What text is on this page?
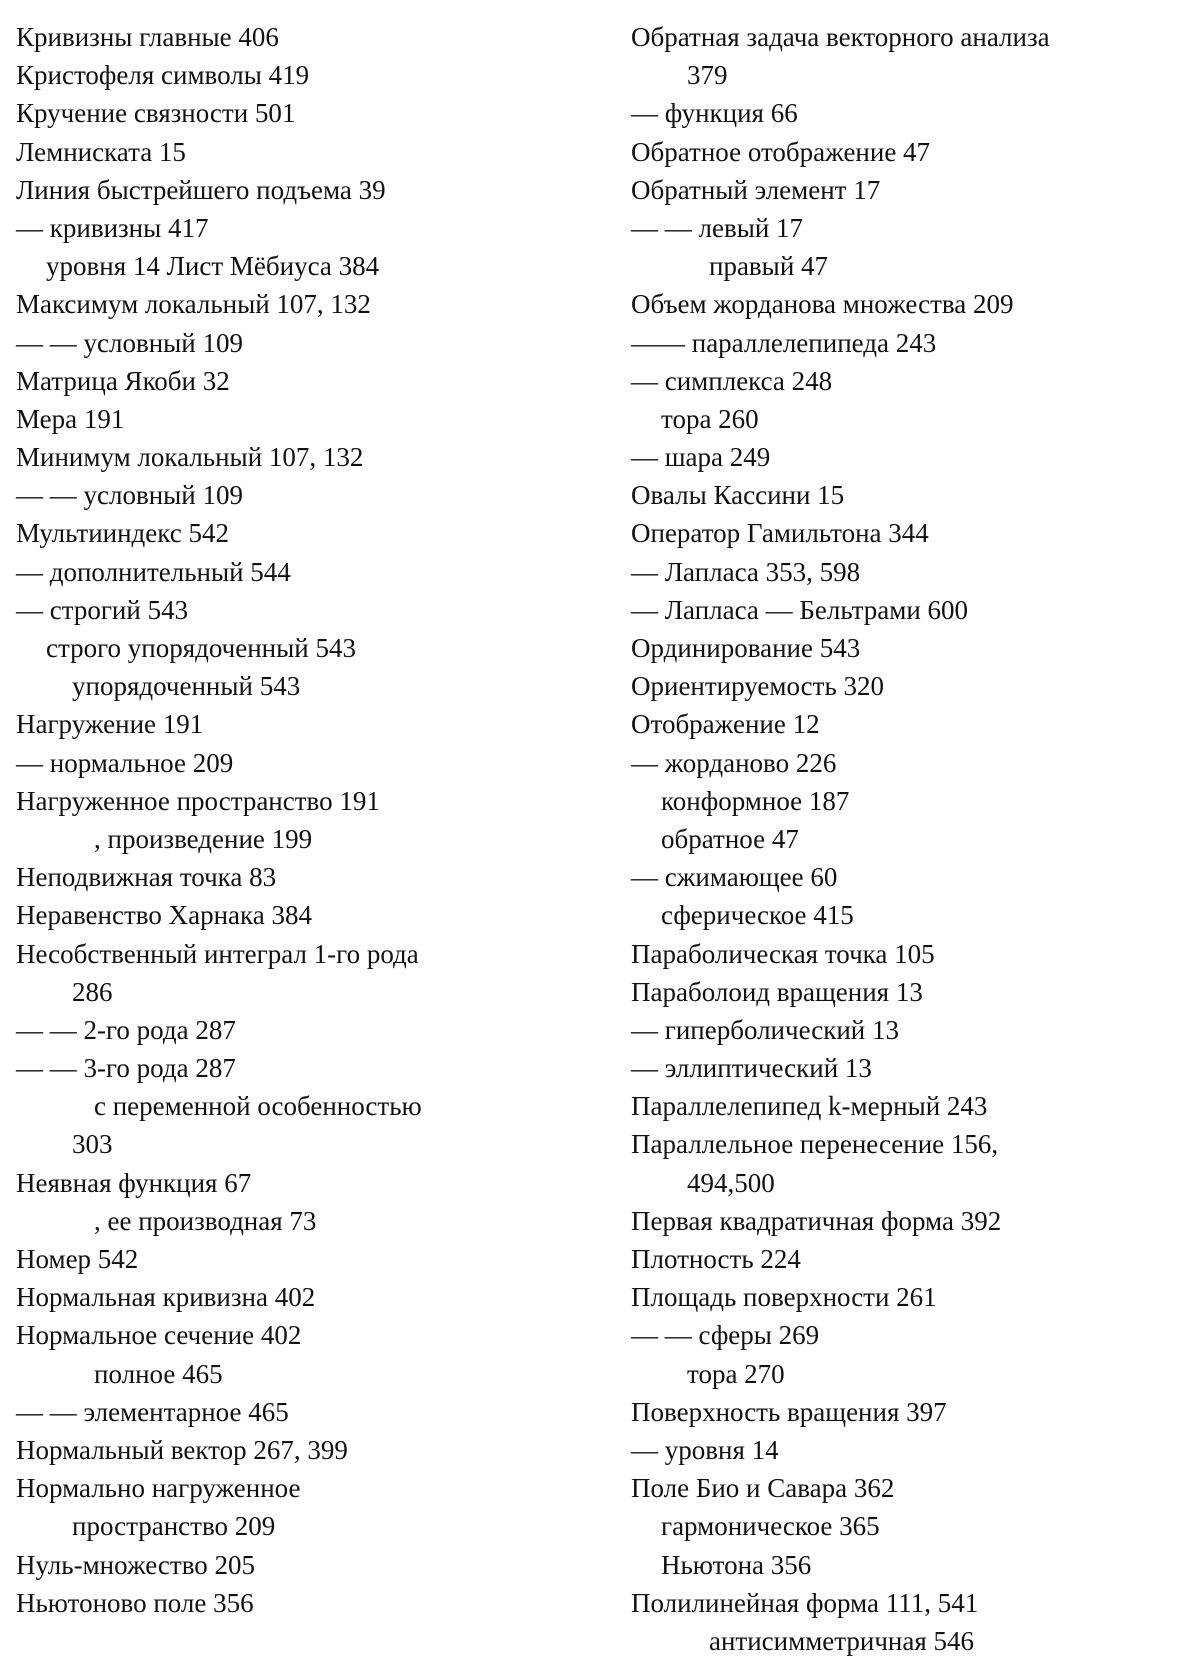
Кривизны главные 406
Кристофеля символы 419
Кручение связности 501
Лемниската 15
Линия быстрейшего подъема 39
— кривизны 417
уровня 14 Лист Мёбиуса 384
Максимум локальный 107, 132
— — условный 109
Матрица Якоби 32
Мера 191
Минимум локальный 107, 132
— — условный 109
Мультииндекс 542
— дополнительный 544
— строгий 543
строго упорядоченный 543
упорядоченный 543
Нагружение 191
— нормальное 209
Нагруженное пространство 191
, произведение 199
Неподвижная точка 83
Неравенство Харнака 384
Несобственный интеграл 1-го рода
286
— — 2-го рода 287
— — 3-го рода 287
с переменной особенностью
303
Неявная функция 67
, ее производная 73
Номер 542
Нормальная кривизна 402
Нормальное сечение 402
полное 465
— — элементарное 465
Нормальный вектор 267, 399
Нормально нагруженное
пространство 209
Нуль-множество 205
Ньютоново поле 356
Обратная задача векторного анализа
379
— функция 66
Обратное отображение 47
Обратный элемент 17
— — левый 17
правый 47
Объем жорданова множества 209
—— параллелепипеда 243
— симплекса 248
тора 260
— шара 249
Овалы Кассини 15
Оператор Гамильтона 344
— Лапласа 353, 598
— Лапласа — Бельтрами 600
Ординирование 543
Ориентируемость 320
Отображение 12
— жорданово 226
конформное 187
обратное 47
— сжимающее 60
сферическое 415
Параболическая точка 105
Параболоид вращения 13
— гиперболический 13
— эллиптический 13
Параллелепипед k-мерный 243
Параллельное перенесение 156,
494,500
Первая квадратичная форма 392
Плотность 224
Площадь поверхности 261
— — сферы 269
тора 270
Поверхность вращения 397
— уровня 14
Поле Био и Савара 362
гармоническое 365
Ньютона 356
Полилинейная форма 111, 541
антисимметричная 546
